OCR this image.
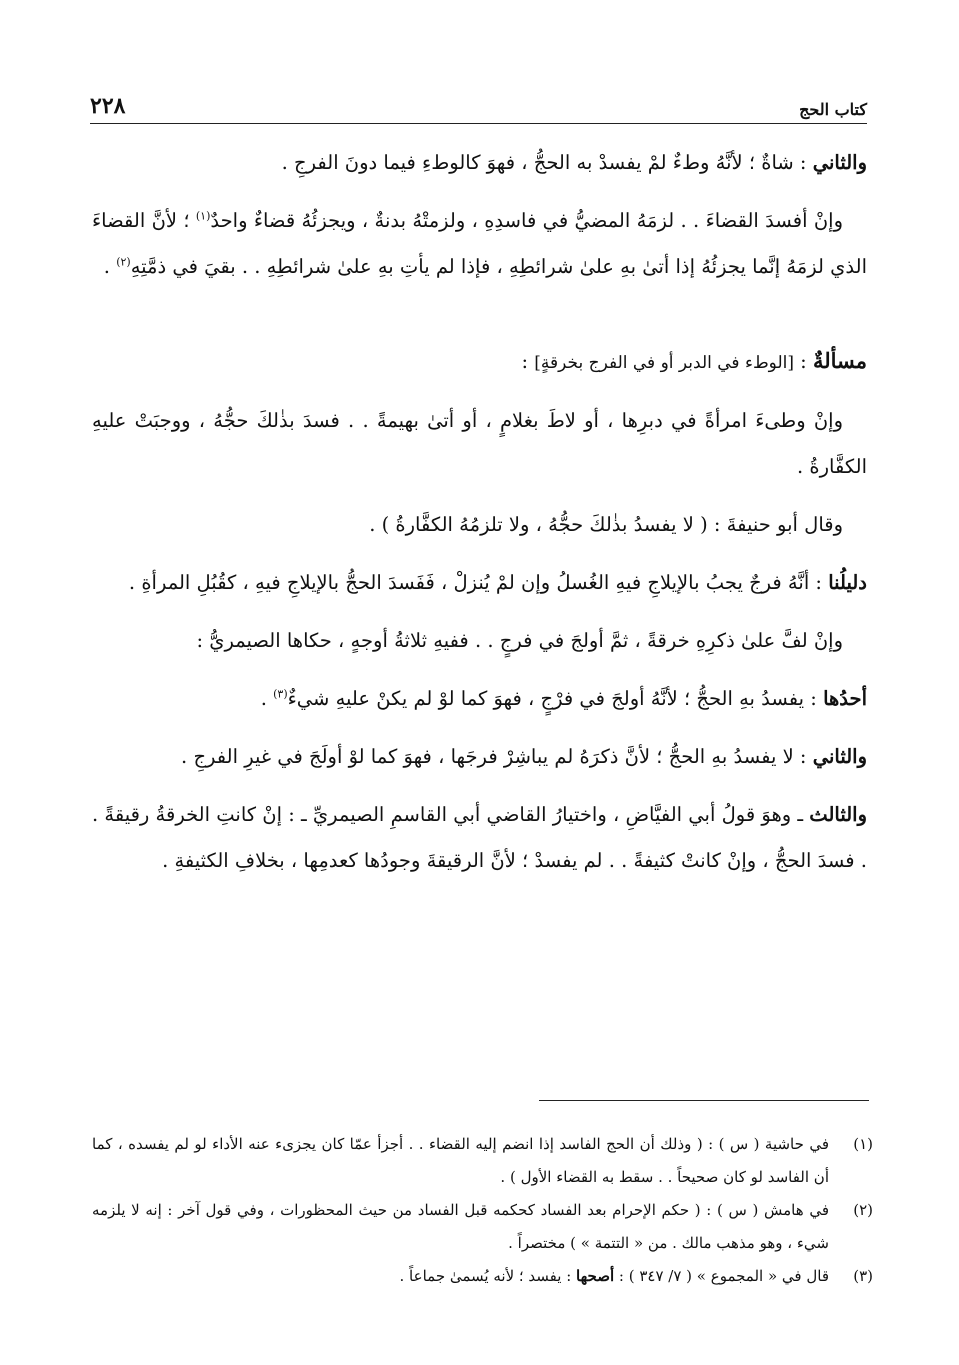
كتاب الحج
٢٢٨

والثاني : شاةٌ ؛ لأنَّهُ وطءٌ لمْ يفسدْ به الحجُّ ، فهوَ كالوطءِ فيما دونَ الفرجِ .

وإنْ أفسدَ القضاءَ . . لزمَهُ المضيُّ في فاسدِهِ ، ولزمتْهُ بدنةٌ ، ويجزئُهُ قضاءٌ واحدٌ$^{(١)}$ ؛ لأنَّ القضاءَ الذي لزمَهُ إنَّما يجزئُهُ إذا أتىٰ بهِ علىٰ شرائطِهِ ، فإذا لم يأتِ بهِ علىٰ شرائطِهِ . . بقيَ في ذمَّتِهِ$^{(٢)}$ .

مسألةٌ : [الوطء في الدبر أو في الفرج بخرقةٍ] :

وإنْ وطىءَ امرأةً في دبرِها ، أو لاطَ بغلامٍ ، أو أتىٰ بهيمةً . . فسدَ بذٰلكَ حجُّهُ ، ووجبَتْ عليهِ الكفَّارةُ .

وقال أبو حنيفةَ : ( لا يفسدُ بذٰلكَ حجُّهُ ، ولا تلزمُهُ الكفَّارةُ ) .

دليلُنا : أنَّهُ فرجٌ يجبُ بالإيلاجِ فيهِ الغُسلُ وإن لمْ يُنزلْ ، فَفَسدَ الحجُّ بالإيلاجِ فيهِ ، كقُبُلِ المرأةِ .

وإنْ لفَّ علىٰ ذكرِهِ خرقةً ، ثمَّ أولجَ في فرجٍ . . ففيهِ ثلاثةُ أوجهٍ ، حكاها الصيمريُّ :

أحدُها : يفسدُ بهِ الحجُّ ؛ لأنَّهُ أولجَ في فرْجٍ ، فهوَ كما لوْ لم يكنْ عليهِ شيءٌ$^{(٣)}$ .

والثاني : لا يفسدُ بهِ الحجُّ ؛ لأنَّ ذكرَهُ لم يباشِرْ فرجَها ، فهوَ كما لوْ أولَجَ في غيرِ الفرجِ .

والثالث ـ وهوَ قولُ أبي الفيَّاضِ ، واختيارُ القاضي أبي القاسمِ الصيمريِّ ـ : إنْ كانتِ الخرقةُ رقيقةً . . فسدَ الحجُّ ، وإنْ كانتْ كثيفةً . . لم يفسدْ ؛ لأنَّ الرقيقةَ وجودُها كعدمِها ، بخلافِ الكثيفةِ .

(١)
في حاشية ( س ) : ( وذلك أن الحج الفاسد إذا انضم إليه القضاء . . أجزأ عمّا كان يجزىء عنه الأداء لو لم يفسده ، كما أن الفاسد لو كان صحيحاً . . سقط به القضاء الأول ) .
(٢)
في هامش ( س ) : ( حكم الإحرام بعد الفساد كحكمه قبل الفساد من حيث المحظورات ، وفي قول آخر : إنه لا يلزمه شيء ، وهو مذهب مالك . من « التتمة » ) مختصراً .
(٣)
قال في « المجموع » ( ٧/ ٣٤٧ ) : أصحها : يفسد ؛ لأنه يُسمىٰ جماعاً .
